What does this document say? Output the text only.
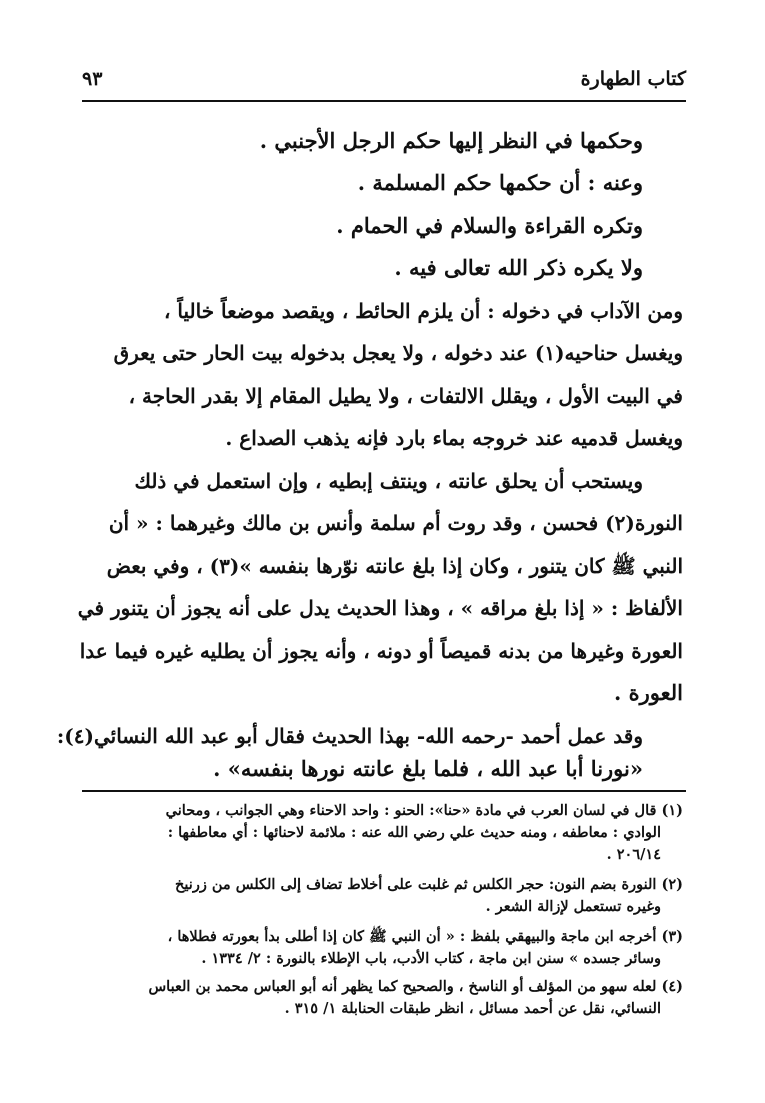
كتاب الطهارة
٩٣

وحكمها في النظر إليها حكم الرجل الأجنبي .

وعنه : أن حكمها حكم المسلمة .

وتكره القراءة والسلام في الحمام .

ولا يكره ذكر الله تعالى فيه .

ومن الآداب في دخوله : أن يلزم الحائط ، ويقصد موضعاً خالياً ،

ويغسل حناحيه(١) عند دخوله ، ولا يعجل بدخوله بيت الحار حتى يعرق

في البيت الأول ، ويقلل الالتفات ، ولا يطيل المقام إلا بقدر الحاجة ،

ويغسل قدميه عند خروجه بماء بارد فإنه يذهب الصداع .

ويستحب أن يحلق عانته ، وينتف إبطيه ، وإن استعمل في ذلك

النورة(٢) فحسن ، وقد روت أم سلمة وأنس بن مالك وغيرهما : « أن

النبي ﷺ كان يتنور ، وكان إذا بلغ عانته نوّرها بنفسه »(٣) ، وفي بعض

الألفاظ : « إذا بلغ مراقه » ، وهذا الحديث يدل على أنه يجوز أن يتنور في

العورة وغيرها من بدنه قميصاً أو دونه ، وأنه يجوز أن يطليه غيره فيما عدا

العورة .

وقد عمل أحمد -رحمه الله- بهذا الحديث فقال أبو عبد الله النسائي(٤):

«نورنا أبا عبد الله ، فلما بلغ عانته نورها بنفسه» .

(١) قال في لسان العرب في مادة «حنا»: الحنو : واحد الاحناء وهي الجوانب ، ومحاني

الوادي : معاطفه ، ومنه حديث علي رضي الله عنه : ملائمة لاحنائها : أي معاطفها :

٢٠٦/١٤ .

(٢) النورة بضم النون: حجر الكلس ثم غلبت على أخلاط تضاف إلى الكلس من زرنيخ

وغيره تستعمل لإزالة الشعر .

(٣) أخرجه ابن ماجة والبيهقي بلفظ : « أن النبي ﷺ كان إذا أطلى بدأ بعورته فطلاها ،

وسائر جسده » سنن ابن ماجة ، كتاب الأدب، باب الإطلاء بالنورة : ٢/ ١٣٣٤ .

(٤) لعله سهو من المؤلف أو الناسخ ، والصحيح كما يظهر أنه أبو العباس محمد بن العباس

النسائي، نقل عن أحمد مسائل ، انظر طبقات الحنابلة ١/ ٣١٥ .
